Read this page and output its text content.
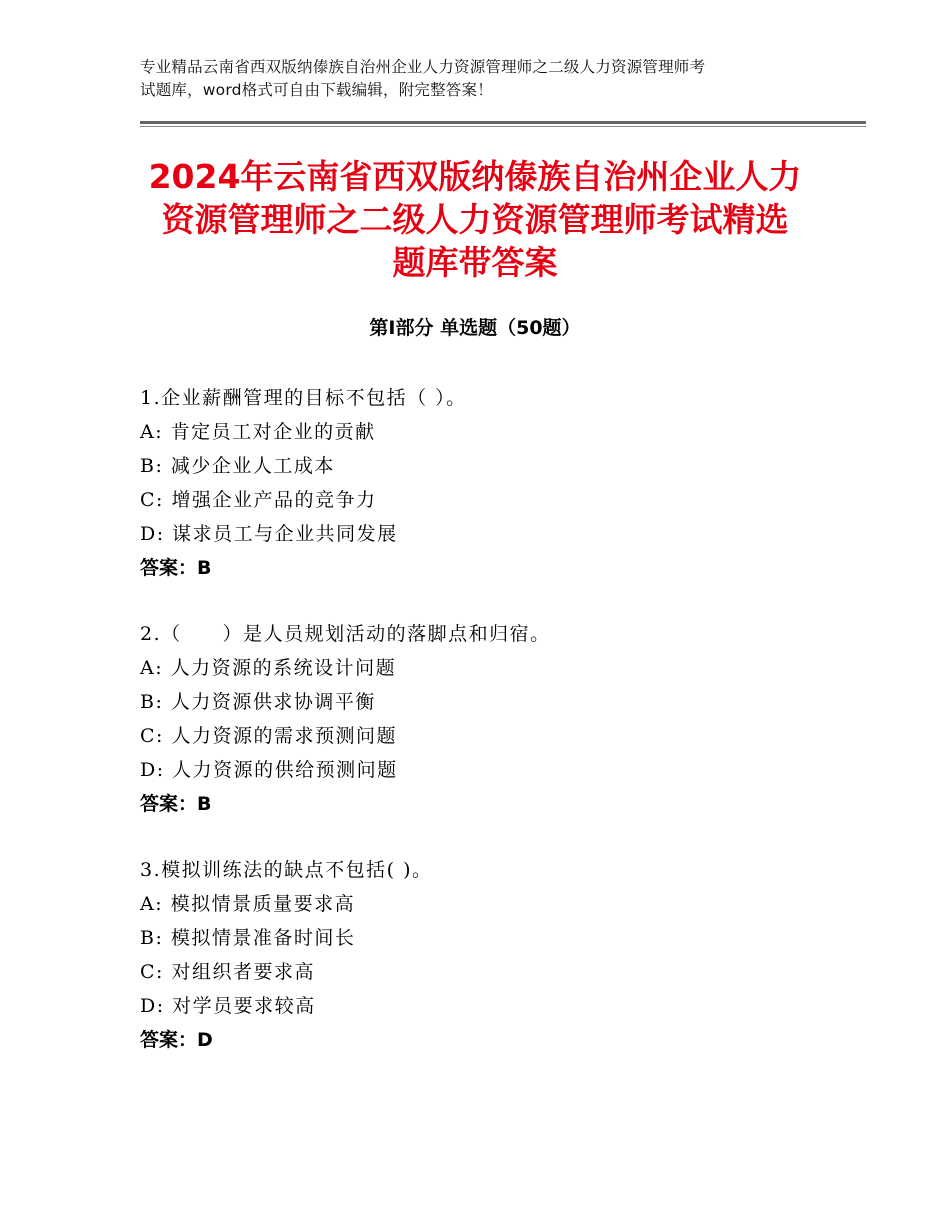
专业精品云南省西双版纳傣族自治州企业人力资源管理师之二级人力资源管理师考
试题库，word格式可自由下载编辑，附完整答案！
2024年云南省西双版纳傣族自治州企业人力
资源管理师之二级人力资源管理师考试精选
题库带答案
第I部分 单选题（50题）
1.企业薪酬管理的目标不包括（ ）。
A: 肯定员工对企业的贡献
B: 减少企业人工成本
C: 增强企业产品的竞争力
D: 谋求员工与企业共同发展
答案：B
2.（　　）是人员规划活动的落脚点和归宿。
A: 人力资源的系统设计问题
B: 人力资源供求协调平衡
C: 人力资源的需求预测问题
D: 人力资源的供给预测问题
答案：B
3.模拟训练法的缺点不包括( )。
A: 模拟情景质量要求高
B: 模拟情景准备时间长
C: 对组织者要求高
D: 对学员要求较高
答案：D
